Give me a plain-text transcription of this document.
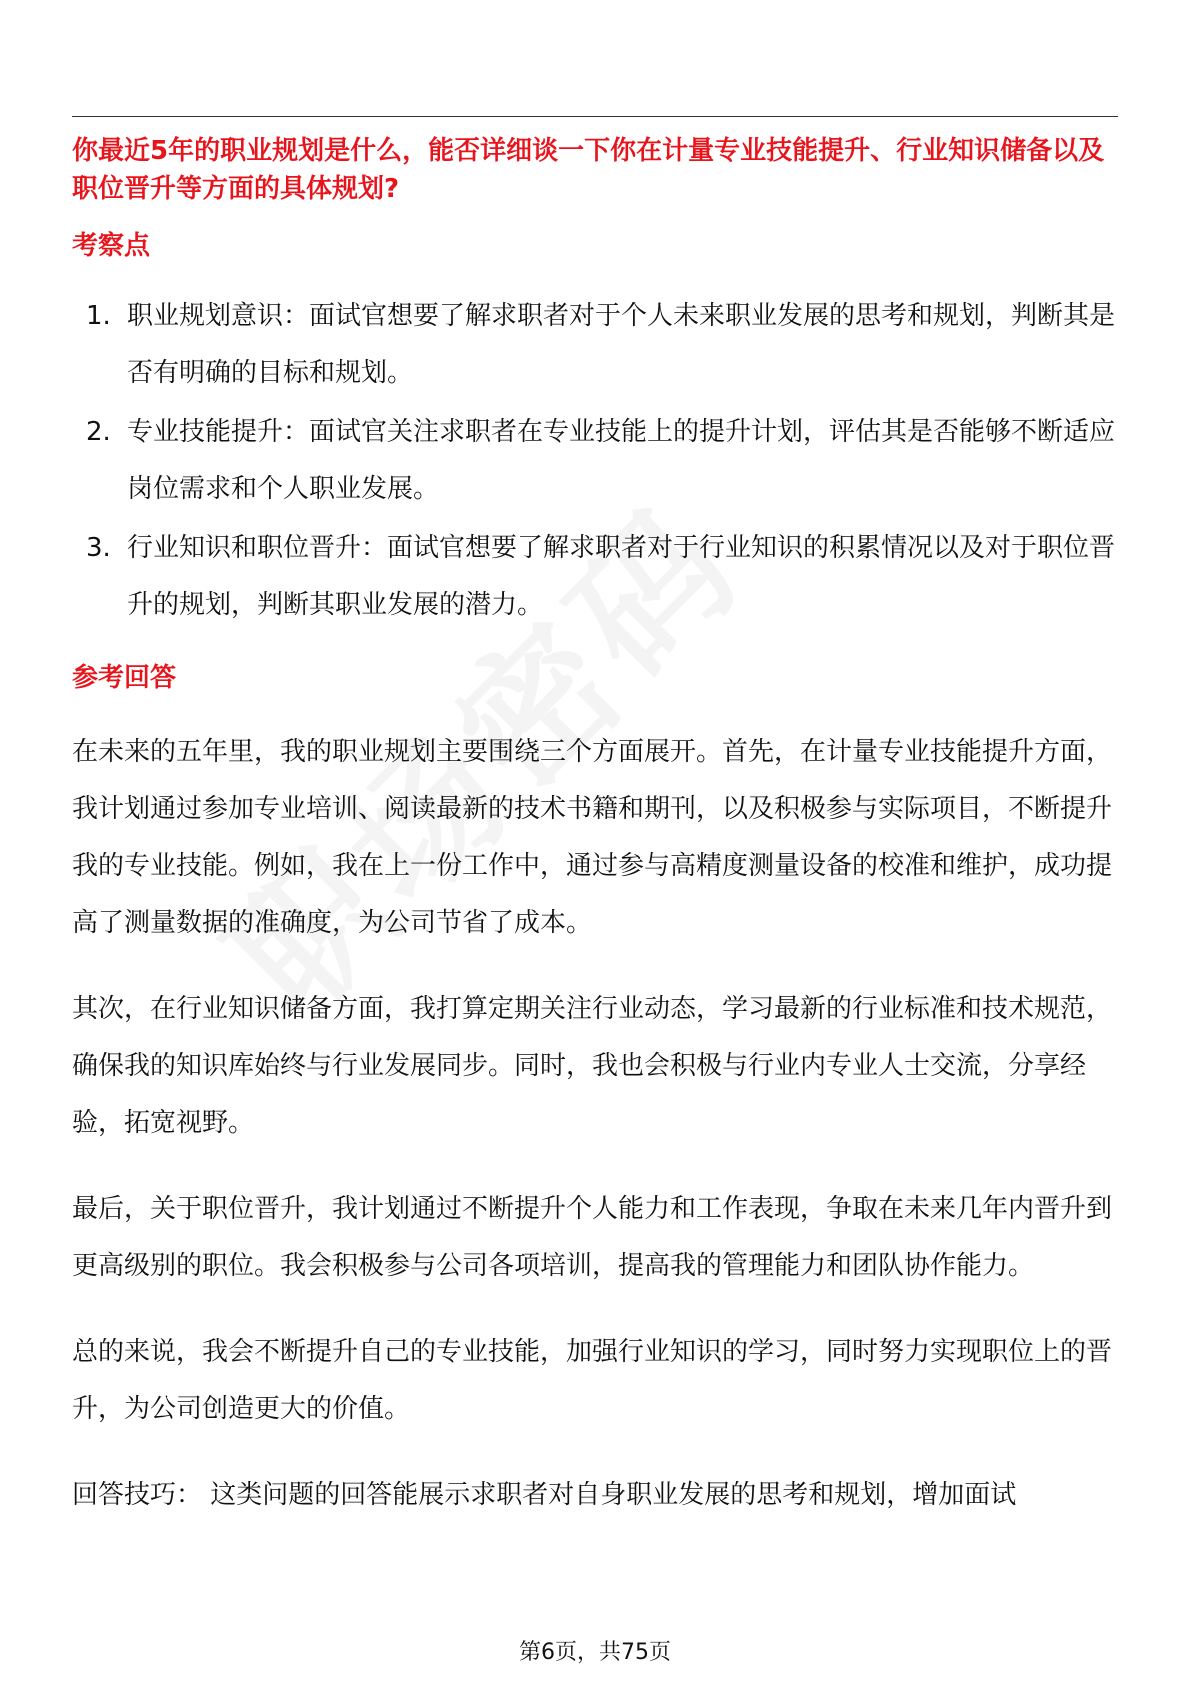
你最近5年的职业规划是什么，能否详细谈一下你在计量专业技能提升、行业知识储备以及职位晋升等方面的具体规划?

考察点
1. 职业规划意识：面试官想要了解求职者对于个人未来职业发展的思考和规划，判断其是否有明确的目标和规划。
2. 专业技能提升：面试官关注求职者在专业技能上的提升计划，评估其是否能够不断适应岗位需求和个人职业发展。
3. 行业知识和职位晋升：面试官想要了解求职者对于行业知识的积累情况以及对于职位晋升的规划，判断其职业发展的潜力。
参考回答

在未来的五年里，我的职业规划主要围绕三个方面展开。首先，在计量专业技能提升方面，我计划通过参加专业培训、阅读最新的技术书籍和期刊，以及积极参与实际项目，不断提升我的专业技能。例如，我在上一份工作中，通过参与高精度测量设备的校准和维护，成功提高了测量数据的准确度，为公司节省了成本。

其次，在行业知识储备方面，我打算定期关注行业动态，学习最新的行业标准和技术规范，确保我的知识库始终与行业发展同步。同时，我也会积极与行业内专业人士交流，分享经验，拓宽视野。

最后，关于职位晋升，我计划通过不断提升个人能力和工作表现，争取在未来几年内晋升到更高级别的职位。我会积极参与公司各项培训，提高我的管理能力和团队协作能力。

总的来说，我会不断提升自己的专业技能，加强行业知识的学习，同时努力实现职位上的晋升，为公司创造更大的价值。

回答技巧： 这类问题的回答能展示求职者对自身职业发展的思考和规划，增加面试

第6页，共75页
